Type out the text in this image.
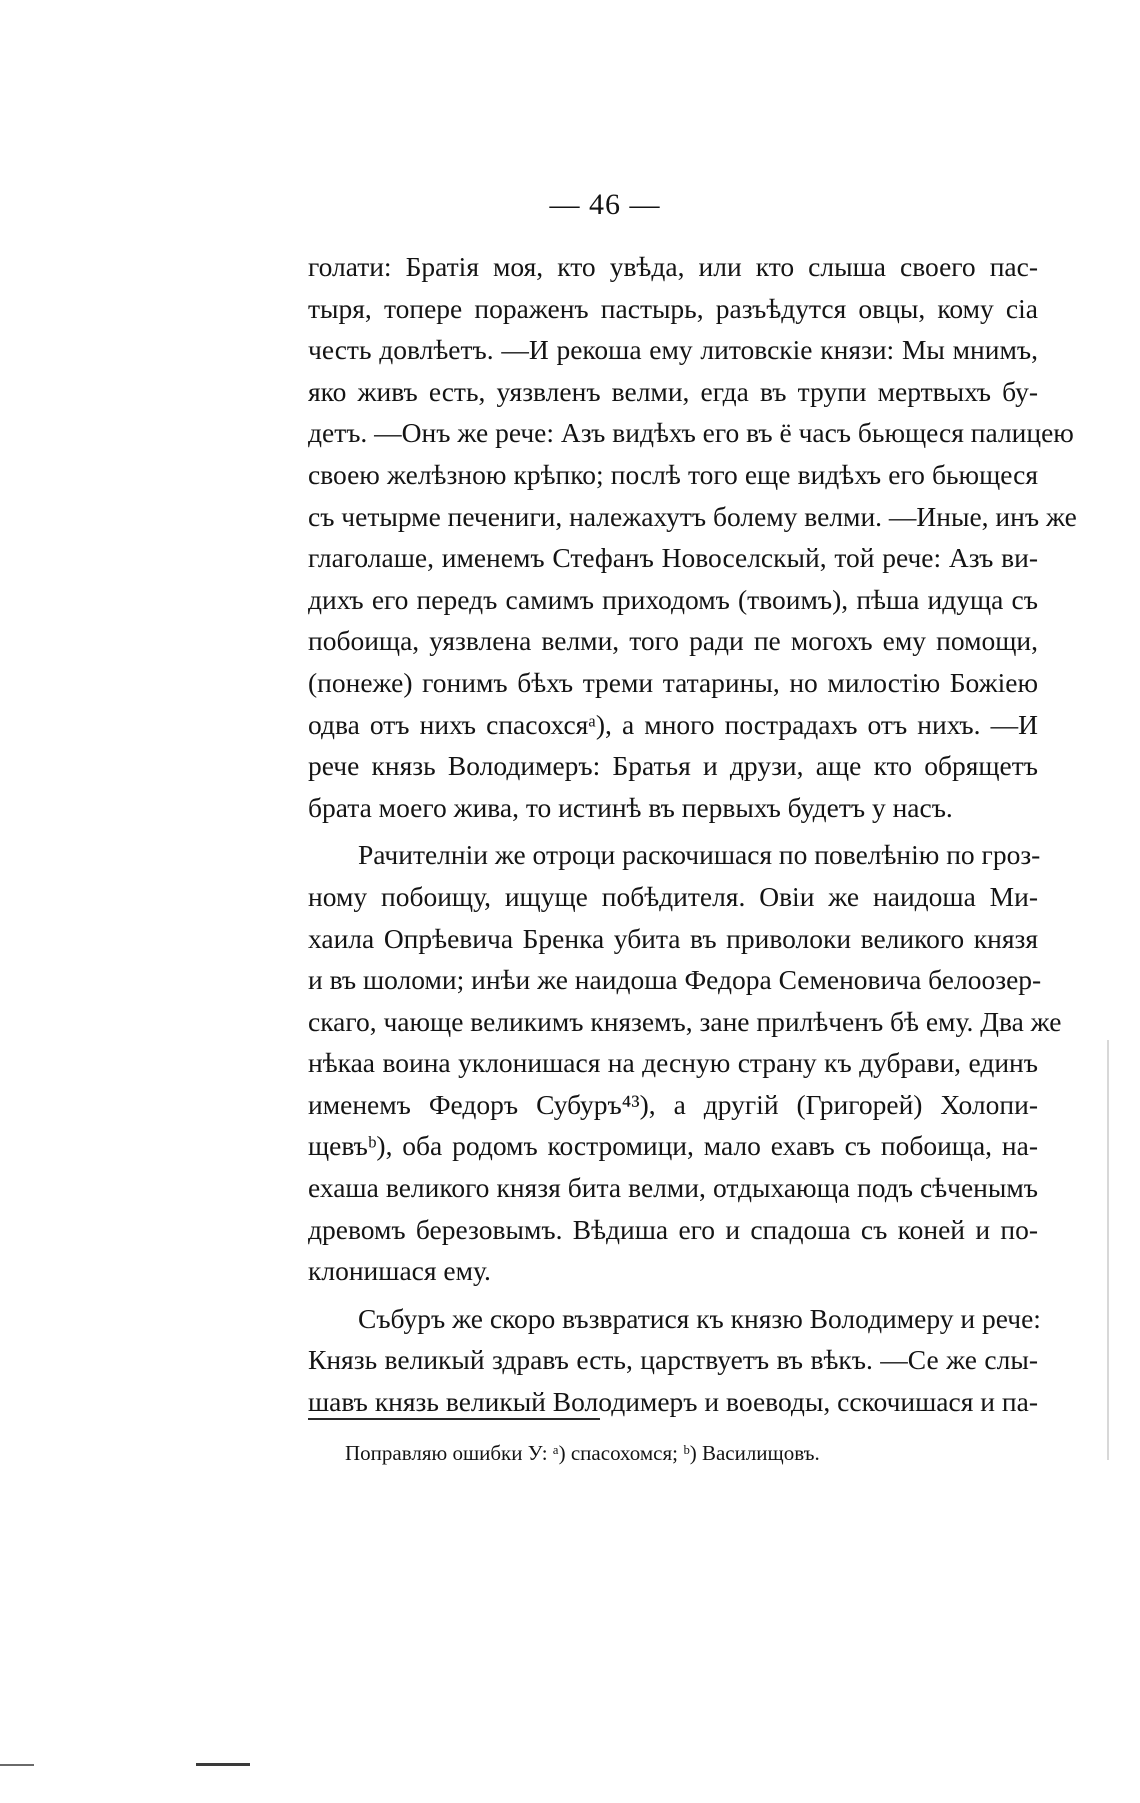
— 46 —
голати: Братія моя, кто увѣда, или кто слыша своего пас-
тыря, топере пораженъ пастырь, разъѣдутся овцы, кому сіа
честь довлѣетъ. —И рекоша ему литовскіе князи: Мы мнимъ,
яко живъ есть, уязвленъ велми, егда въ трупи мертвыхъ бу-
детъ. —Онъ же рече: Азъ видѣхъ его въ ё часъ бьющеся палицею
своею желѣзною крѣпко; послѣ того еще видѣхъ его бьющеся
съ четырме печениги, належахутъ болему велми. —Иные, инъ же
глаголаше, именемъ Стефанъ Новоселскый, той рече: Азъ ви-
дихъ его передъ самимъ приходомъ (твоимъ), пѣша идуща съ
побоища, уязвлена велми, того ради пе могохъ ему помощи,
(понеже) гонимъ бѣхъ треми татарины, но милостію Божіею
одва отъ нихъ спасохсяᵃ), а много пострадахъ отъ нихъ. —И
рече князь Володимеръ: Братья и друзи, аще кто обрящетъ
брата моего жива, то истинѣ въ первыхъ будетъ у насъ.
Рачителніи же отроци раскочишася по повелѣнію по гроз-
ному побоищу, ищуще побѣдителя. Овіи же наидоша Ми-
хаила Опрѣевича Бренка убита въ приволоки великого князя
и въ шоломи; инѣи же наидоша Федора Семеновича белоозер-
скаго, чающе великимъ княземъ, зане прилѣченъ бѣ ему. Два же
нѣкаа воина уклонишася на десную страну къ дубрави, единъ
именемъ Федоръ Субуръ⁴³), а другій (Григорей) Холопи-
щевъᵇ), оба родомъ костромици, мало ехавъ съ побоища, на-
ехаша великого князя бита велми, отдыхающа подъ сѣченымъ
древомъ березовымъ. Вѣдиша его и спадоша съ коней и по-
клонишася ему.
Събуръ же скоро възвратися къ князю Володимеру и рече:
Князь великый здравъ есть, царствуетъ въ вѣкъ. —Се же слы-
шавъ князь великый Володимеръ и воеводы, сскочишася и па-
Поправляю ошибки У: ᵃ) спасохомся; ᵇ) Василищовъ.
